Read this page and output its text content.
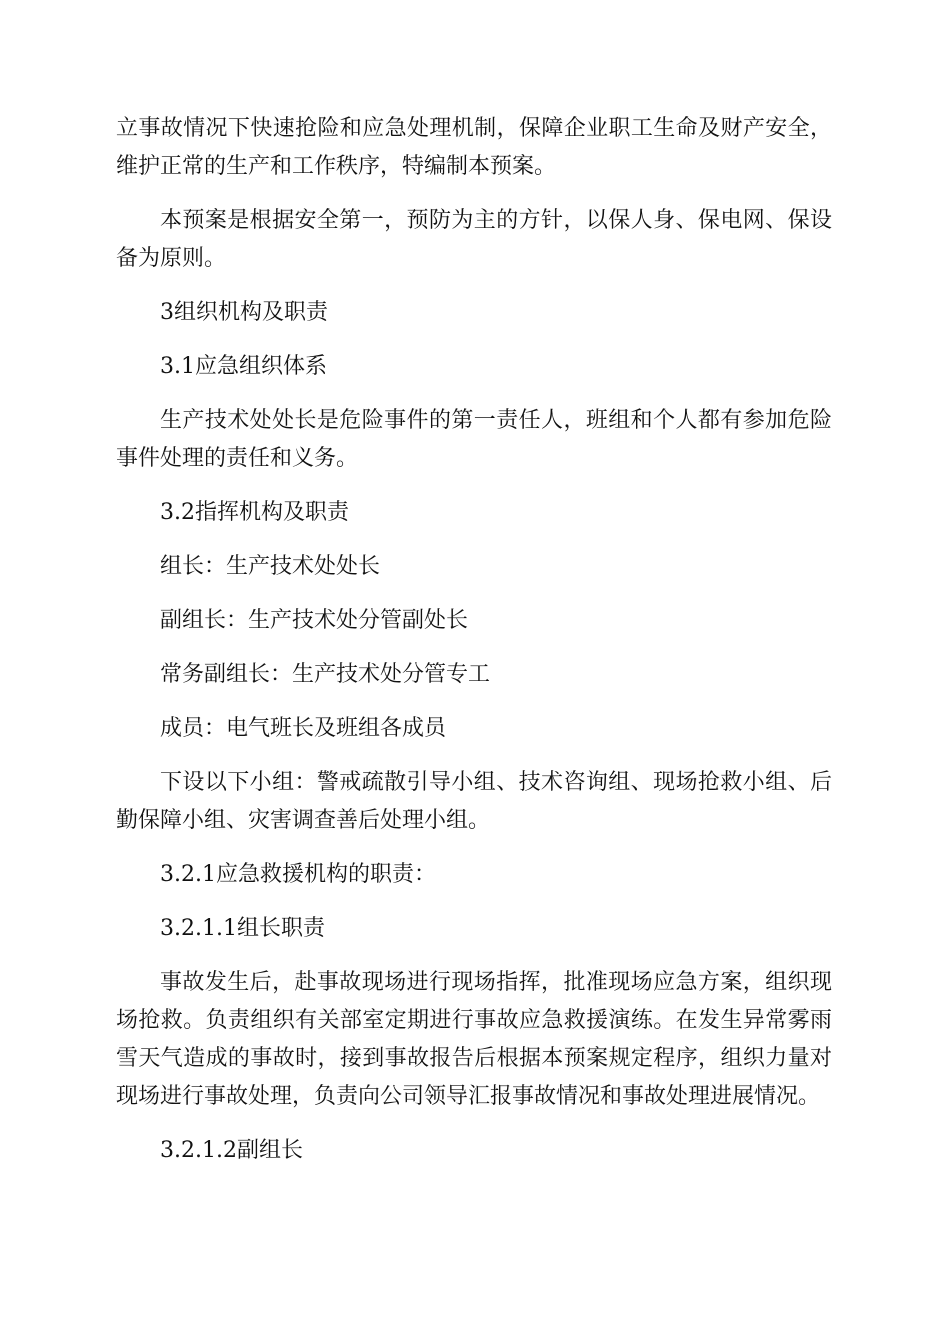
立事故情况下快速抢险和应急处理机制，保障企业职工生命及财产安全，维护正常的生产和工作秩序，特编制本预案。

本预案是根据安全第一，预防为主的方针，以保人身、保电网、保设备为原则。

3组织机构及职责

3.1应急组织体系

生产技术处处长是危险事件的第一责任人，班组和个人都有参加危险事件处理的责任和义务。

3.2指挥机构及职责

组长：生产技术处处长

副组长：生产技术处分管副处长

常务副组长：生产技术处分管专工

成员：电气班长及班组各成员

下设以下小组：警戒疏散引导小组、技术咨询组、现场抢救小组、后勤保障小组、灾害调查善后处理小组。

3.2.1应急救援机构的职责：

3.2.1.1组长职责

事故发生后，赴事故现场进行现场指挥，批准现场应急方案，组织现场抢救。负责组织有关部室定期进行事故应急救援演练。在发生异常雾雨雪天气造成的事故时，接到事故报告后根据本预案规定程序，组织力量对现场进行事故处理，负责向公司领导汇报事故情况和事故处理进展情况。

3.2.1.2副组长
